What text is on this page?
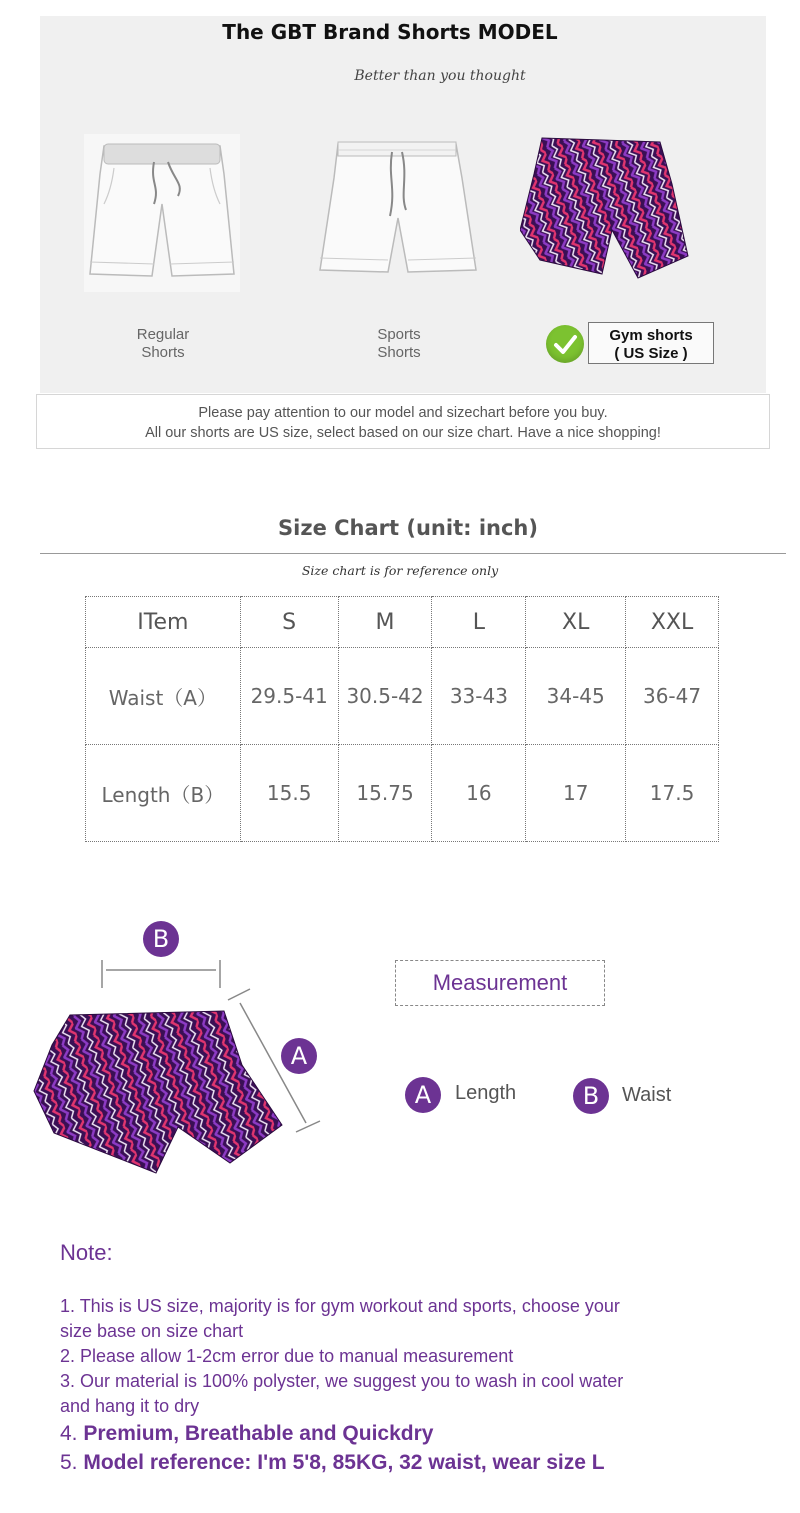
The GBT Brand Shorts MODEL
Better than you thought
Regular
Shorts
Sports
Shorts
Gym shorts
( US Size )
Please pay attention to our model and sizechart before you buy.
All our shorts are US size, select based on our size chart. Have a nice shopping!
Size Chart (unit: inch)
Size chart is for reference only
ITem	S	M	L	XL	XXL
Waist（A）	29.5-41	30.5-42	33-43	34-45	36-47
Length（B）	15.5	15.75	16	17	17.5
B
A
Measurement
A	Length	B	Waist
Note:
1. This is US size, majority is for gym workout and sports, choose your
size base on size chart
2. Please allow 1-2cm error due to manual measurement
3. Our material is 100% polyster, we suggest you to wash in cool water
and hang it to dry
4. Premium, Breathable and Quickdry
5. Model reference: I'm 5'8, 85KG, 32 waist, wear size L
